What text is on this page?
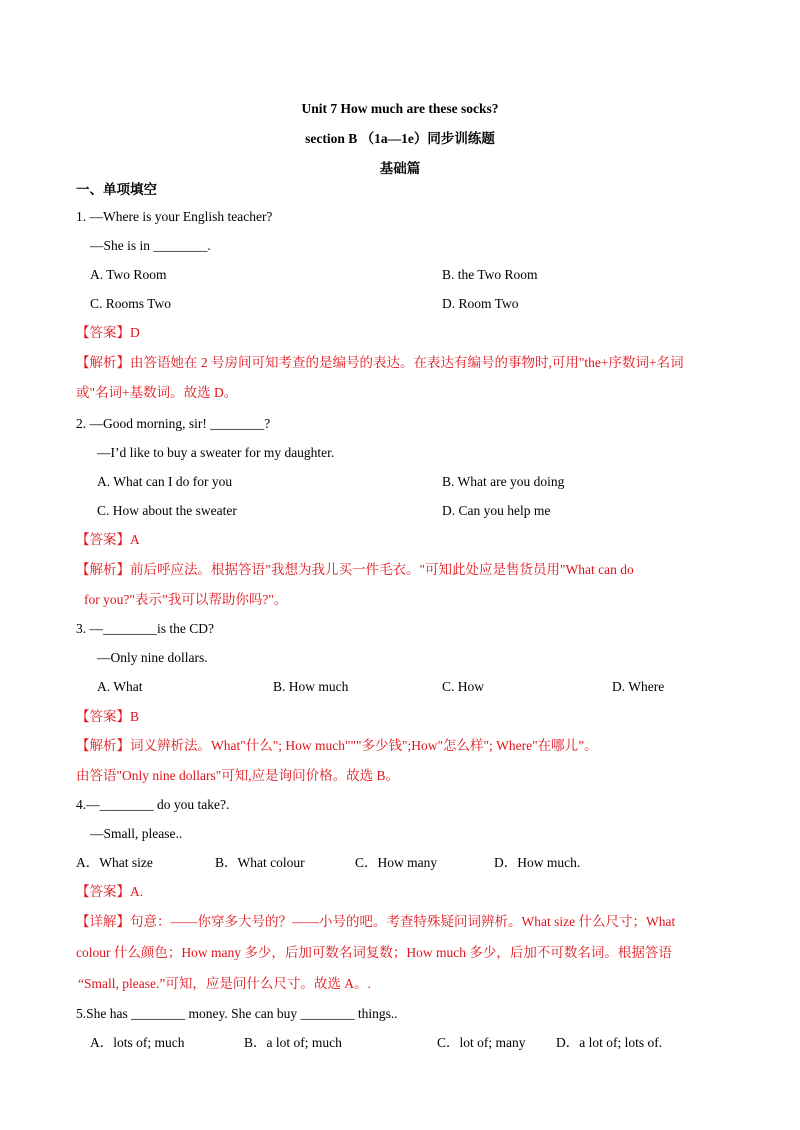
Unit 7 How much are these socks?
section B （1a—1e）同步训练题
基础篇
一、单项填空
1. —Where is your English teacher?
—She is in ________.
A. Two Room	B. the Two Room
C. Rooms Two	D. Room Two
【答案】D
【解析】由答语她在 2 号房间可知考查的是编号的表达。在表达有编号的事物时,可用"the+序数词+名词
或"名词+基数词。故选 D。
2. —Good morning, sir! ________?
—I’d like to buy a sweater for my daughter.
A. What can I do for you	B. What are you doing
C. How about the sweater	D. Can you help me
【答案】A
【解析】前后呼应法。根据答语”我想为我儿买一件毛衣。"可知此处应是售货员用"What can do
for you?"表示”我可以帮助你吗?"。
3. —________is the CD?
—Only nine dollars.
A. What	B. How much	C. How	D. Where
【答案】B
【解析】词义辨析法。What"什么"; How much"""多少钱";How"怎么样"; Where"在哪儿”。
由答语"Only nine dollars"可知,应是询问价格。故选 B。
4.—________ do you take?.
—Small, please..
A．What size	B．What colour	C．How many	D．How much.
【答案】A.
【详解】句意：——你穿多大号的？——小号的吧。考查特殊疑问词辨析。What size 什么尺寸；What
colour 什么颜色；How many 多少，后加可数名词复数；How much 多少，后加不可数名词。根据答语
“Small, please.”可知，应是问什么尺寸。故选 A。.
5.She has ________ money. She can buy ________ things..
A．lots of; much	B．a lot of; much	C．lot of; many D．a lot of; lots of.
